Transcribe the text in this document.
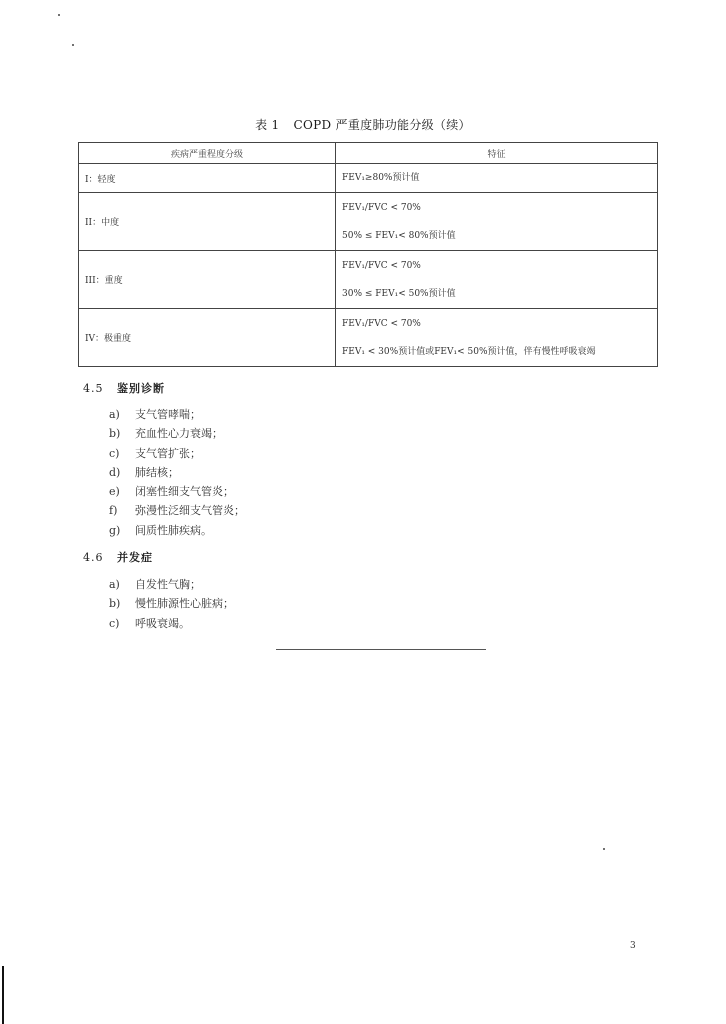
表 1 COPD 严重度肺功能分级（续）
疾病严重程度分级	特征
I：轻度	FEV₁≥80%预计值

II：中度	FEV₁/FVC < 70%
50% ≤ FEV₁< 80%预计值

III：重度	FEV₁/FVC < 70%
30% ≤ FEV₁< 50%预计值

IV：极重度	FEV₁/FVC < 70%
FEV₁ < 30%预计值或FEV₁< 50%预计值，伴有慢性呼吸衰竭
4.5 鉴别诊断
a) 支气管哮喘；
b) 充血性心力衰竭；
c) 支气管扩张；
d) 肺结核；
e) 闭塞性细支气管炎；
f) 弥漫性泛细支气管炎；
g) 间质性肺疾病。
4.6 并发症
a) 自发性气胸；
b) 慢性肺源性心脏病；
c) 呼吸衰竭。
3
